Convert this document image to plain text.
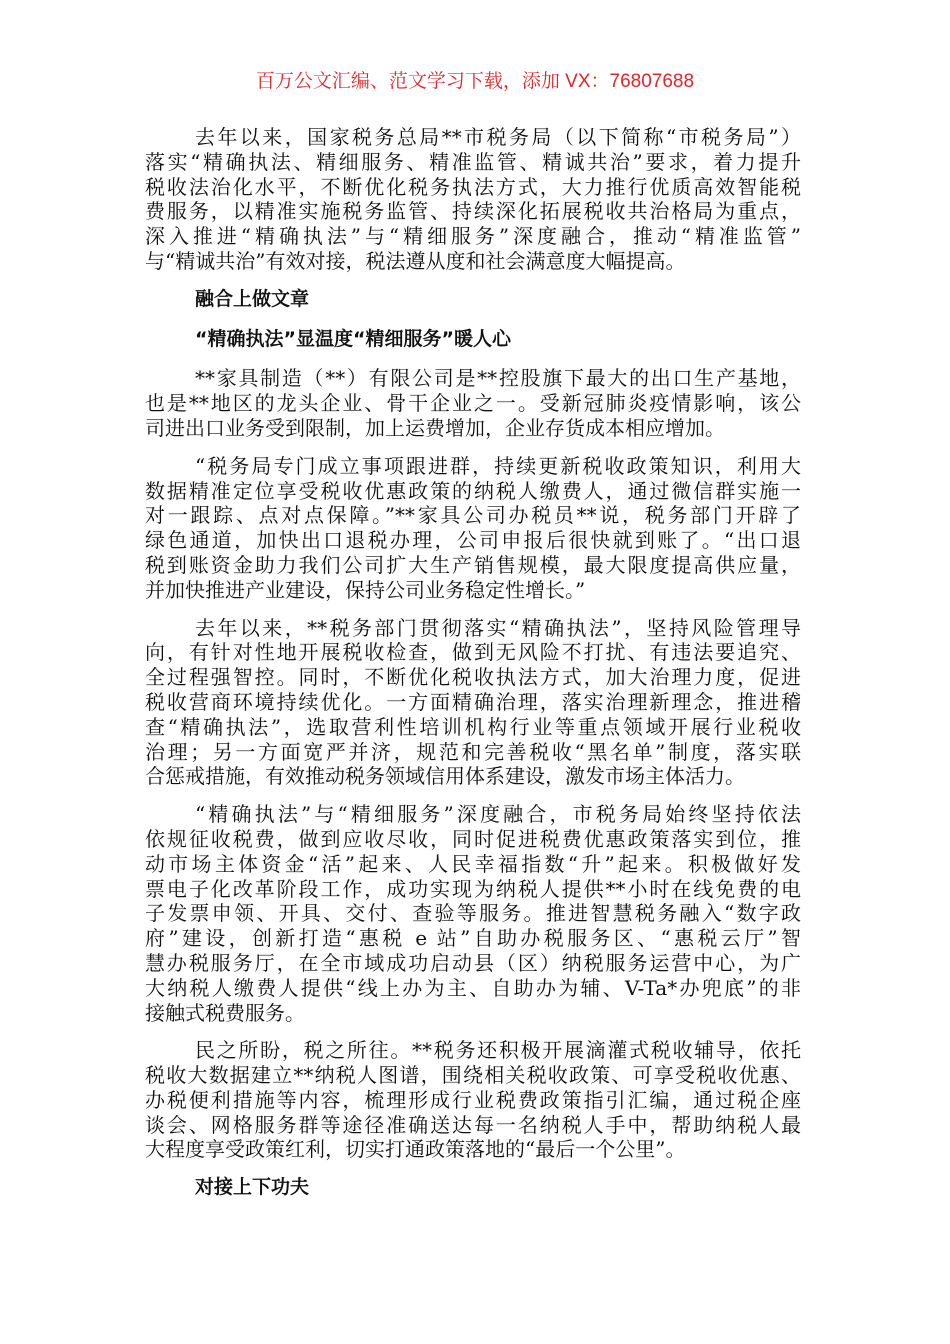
百万公文汇编、范文学习下载，添加 VX：76807688
去年以来，国家税务总局**市税务局（以下简称“市税务局”）
落实“精确执法、精细服务、精准监管、精诚共治”要求，着力提升
税收法治化水平，不断优化税务执法方式，大力推行优质高效智能税
费服务，以精准实施税务监管、持续深化拓展税收共治格局为重点，
深入推进“精确执法”与“精细服务”深度融合，推动“精准监管”
与“精诚共治”有效对接，税法遵从度和社会满意度大幅提高。
融合上做文章
“精确执法”显温度“精细服务”暖人心
**家具制造（**）有限公司是**控股旗下最大的出口生产基地，
也是**地区的龙头企业、骨干企业之一。受新冠肺炎疫情影响，该公
司进出口业务受到限制，加上运费增加，企业存货成本相应增加。
“税务局专门成立事项跟进群，持续更新税收政策知识，利用大
数据精准定位享受税收优惠政策的纳税人缴费人，通过微信群实施一
对一跟踪、点对点保障。”**家具公司办税员**说，税务部门开辟了
绿色通道，加快出口退税办理，公司申报后很快就到账了。“出口退
税到账资金助力我们公司扩大生产销售规模，最大限度提高供应量，
并加快推进产业建设，保持公司业务稳定性增长。”
去年以来，**税务部门贯彻落实“精确执法”，坚持风险管理导
向，有针对性地开展税收检查，做到无风险不打扰、有违法要追究、
全过程强智控。同时，不断优化税收执法方式，加大治理力度，促进
税收营商环境持续优化。一方面精确治理，落实治理新理念，推进稽
查“精确执法”，选取营利性培训机构行业等重点领域开展行业税收
治理；另一方面宽严并济，规范和完善税收“黑名单”制度，落实联
合惩戒措施，有效推动税务领域信用体系建设，激发市场主体活力。
“精确执法”与“精细服务”深度融合，市税务局始终坚持依法
依规征收税费，做到应收尽收，同时促进税费优惠政策落实到位，推
动市场主体资金“活”起来、人民幸福指数“升”起来。积极做好发
票电子化改革阶段工作，成功实现为纳税人提供**小时在线免费的电
子发票申领、开具、交付、查验等服务。推进智慧税务融入“数字政
府”建设，创新打造“惠税 e 站”自助办税服务区、“惠税云厅”智
慧办税服务厅，在全市域成功启动县（区）纳税服务运营中心，为广
大纳税人缴费人提供“线上办为主、自助办为辅、V-Ta*办兜底”的非
接触式税费服务。
民之所盼，税之所往。**税务还积极开展滴灌式税收辅导，依托
税收大数据建立**纳税人图谱，围绕相关税收政策、可享受税收优惠、
办税便利措施等内容，梳理形成行业税费政策指引汇编，通过税企座
谈会、网格服务群等途径准确送达每一名纳税人手中，帮助纳税人最
大程度享受政策红利，切实打通政策落地的“最后一个公里”。
对接上下功夫
